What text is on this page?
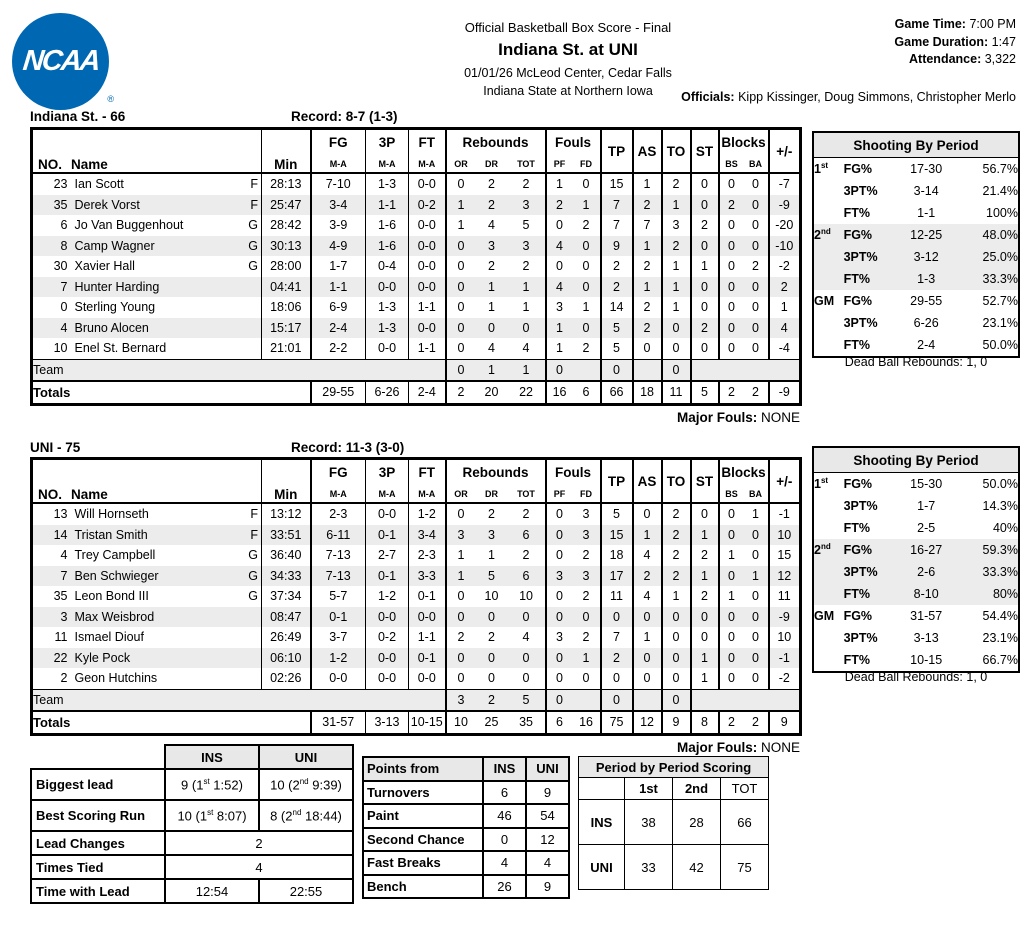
NCAA
®
Official Basketball Box Score - Final
Indiana St. at UNI
01/01/26 McLeod Center, Cedar Falls
Indiana State at Northern Iowa
Game Time: 7:00 PM
Game Duration: 1:47
Attendance: 3,322
Officials: Kipp Kissinger, Doug Simmons, Christopher Merlo
Indiana St. - 66	Record: 8-7 (1-3)
NO. Name		Min	FG	3P	FT	Rebounds			Fouls		TP	AS	TO	ST	Blocks		+/-
			M-A	M-A	M-A	OR	DR	TOT	PF	FD					BS	BA	
23	Ian Scott F	28:13	7-10	1-3	0-0	0	2	2	1	0	15	1	2	0	0	0	-7
35	Derek Vorst F	25:47	3-4	1-1	0-2	1	2	3	2	1	7	2	1	0	2	0	-9
6	Jo Van Buggenhout G	28:42	3-9	1-6	0-0	1	4	5	0	2	7	7	3	2	0	0	-20
8	Camp Wagner G	30:13	4-9	1-6	0-0	0	3	3	4	0	9	1	2	0	0	0	-10
30	Xavier Hall G	28:00	1-7	0-4	0-0	0	2	2	0	0	2	2	1	1	0	2	-2
7	Hunter Harding	04:41	1-1	0-0	0-0	0	1	1	4	0	2	1	1	0	0	0	2
0	Sterling Young	18:06	6-9	1-3	1-1	0	1	1	3	1	14	2	1	0	0	0	1
4	Bruno Alocen	15:17	2-4	1-3	0-0	0	0	0	1	0	5	2	0	2	0	0	4
10	Enel St. Bernard	21:01	2-2	0-0	1-1	0	4	4	1	2	5	0	0	0	0	0	-4
Team						0	1	1	0		0		0				
Totals			29-55	6-26	2-4	2	20	22	16	6	66	18	11	5	2	2	-9
Major Fouls: NONE
Shooting By Period			
1st	FG%	17-30	56.7%
	3PT%	3-14	21.4%
	FT%	1-1	100%
2nd	FG%	12-25	48.0%
	3PT%	3-12	25.0%
	FT%	1-3	33.3%
GM	FG%	29-55	52.7%
	3PT%	6-26	23.1%
	FT%	2-4	50.0%
Dead Ball Rebounds: 1, 0
UNI - 75	Record: 11-3 (3-0)
NO. Name		Min	FG	3P	FT	Rebounds			Fouls		TP	AS	TO	ST	Blocks		+/-
			M-A	M-A	M-A	OR	DR	TOT	PF	FD					BS	BA	
13	Will Hornseth F	13:12	2-3	0-0	1-2	0	2	2	0	3	5	0	2	0	0	1	-1
14	Tristan Smith F	33:51	6-11	0-1	3-4	3	3	6	0	3	15	1	2	1	0	0	10
4	Trey Campbell G	36:40	7-13	2-7	2-3	1	1	2	0	2	18	4	2	2	1	0	15
7	Ben Schwieger G	34:33	7-13	0-1	3-3	1	5	6	3	3	17	2	2	1	0	1	12
35	Leon Bond III G	37:34	5-7	1-2	0-1	0	10	10	0	2	11	4	1	2	1	0	11
3	Max Weisbrod	08:47	0-1	0-0	0-0	0	0	0	0	0	0	0	0	0	0	0	-9
11	Ismael Diouf	26:49	3-7	0-2	1-1	2	2	4	3	2	7	1	0	0	0	0	10
22	Kyle Pock	06:10	1-2	0-0	0-1	0	0	0	0	1	2	0	0	1	0	0	-1
2	Geon Hutchins	02:26	0-0	0-0	0-0	0	0	0	0	0	0	0	0	1	0	0	-2
Team						3	2	5	0		0		0				
Totals			31-57	3-13	10-15	10	25	35	6	16	75	12	9	8	2	2	9
Major Fouls: NONE
Shooting By Period			
1st	FG%	15-30	50.0%
	3PT%	1-7	14.3%
	FT%	2-5	40%
2nd	FG%	16-27	59.3%
	3PT%	2-6	33.3%
	FT%	8-10	80%
GM	FG%	31-57	54.4%
	3PT%	3-13	23.1%
	FT%	10-15	66.7%
Dead Ball Rebounds: 1, 0
	INS	UNI
Biggest lead	9 (1st 1:52)	10 (2nd 9:39)
Best Scoring Run	10 (1st 8:07)	8 (2nd 18:44)
Lead Changes	2	
Times Tied	4	
Time with Lead	12:54	22:55
Points from	INS	UNI
Turnovers	6	9
Paint	46	54
Second Chance	0	12
Fast Breaks	4	4
Bench	26	9
Period by Period Scoring			
	1st	2nd	TOT
INS	38	28	66
UNI	33	42	75
